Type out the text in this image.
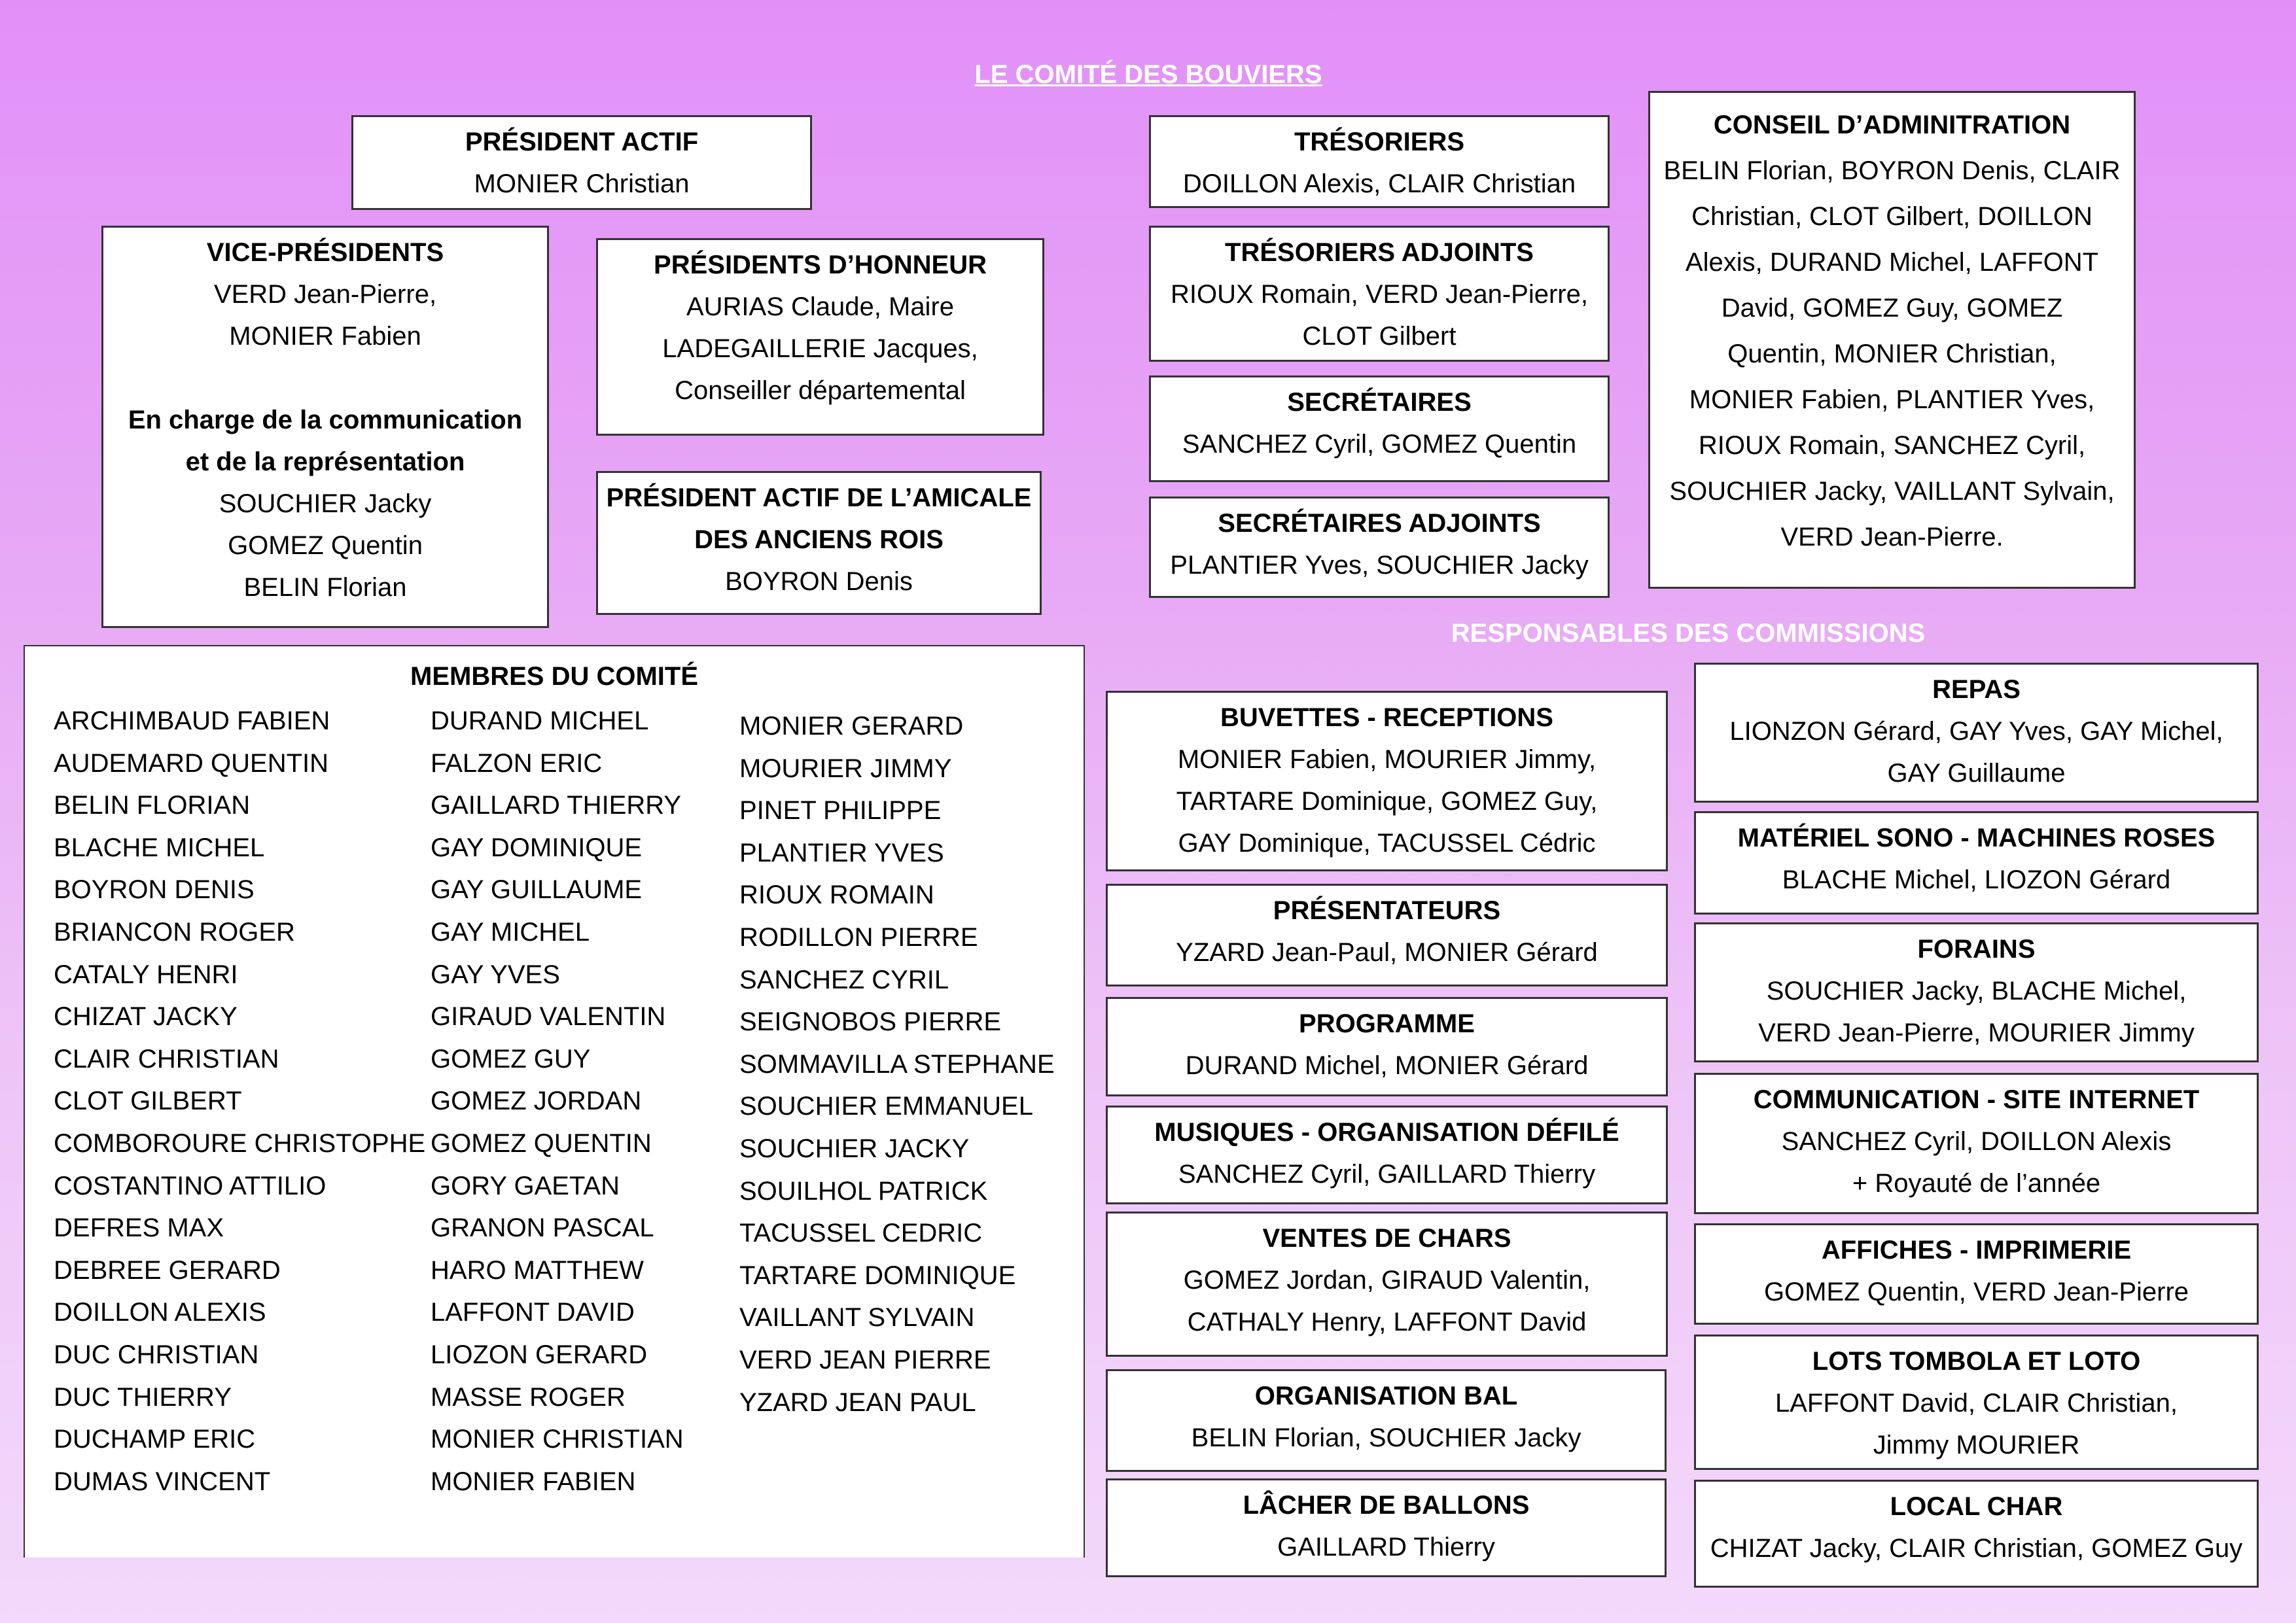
LE COMITÉ DES BOUVIERS
RESPONSABLES DES COMMISSIONS
PRÉSIDENT ACTIF
MONIER Christian
VICE-PRÉSIDENTS
VERD Jean-Pierre,
MONIER Fabien
En charge de la communication
et de la représentation
SOUCHIER Jacky
GOMEZ Quentin
BELIN Florian
PRÉSIDENTS D’HONNEUR
AURIAS Claude, Maire
LADEGAILLERIE Jacques,
Conseiller départemental
PRÉSIDENT ACTIF DE L’AMICALE
DES ANCIENS ROIS
BOYRON Denis
TRÉSORIERS
DOILLON Alexis, CLAIR Christian
TRÉSORIERS ADJOINTS
RIOUX Romain, VERD Jean-Pierre,
CLOT Gilbert
SECRÉTAIRES
SANCHEZ Cyril, GOMEZ Quentin
SECRÉTAIRES ADJOINTS
PLANTIER Yves, SOUCHIER Jacky
CONSEIL D’ADMINITRATION
BELIN Florian, BOYRON Denis, CLAIR
Christian, CLOT Gilbert, DOILLON
Alexis, DURAND Michel, LAFFONT
David, GOMEZ Guy, GOMEZ
Quentin, MONIER Christian,
MONIER Fabien, PLANTIER Yves,
RIOUX Romain, SANCHEZ Cyril,
SOUCHIER Jacky, VAILLANT Sylvain,
VERD Jean-Pierre.
MEMBRES DU COMITÉ
ARCHIMBAUD FABIEN
AUDEMARD QUENTIN
BELIN FLORIAN
BLACHE MICHEL
BOYRON DENIS
BRIANCON ROGER
CATALY HENRI
CHIZAT JACKY
CLAIR CHRISTIAN
CLOT GILBERT
COMBOROURE CHRISTOPHE
COSTANTINO ATTILIO
DEFRES MAX
DEBREE GERARD
DOILLON ALEXIS
DUC CHRISTIAN
DUC THIERRY
DUCHAMP ERIC
DUMAS VINCENT
DURAND MICHEL
FALZON ERIC
GAILLARD THIERRY
GAY DOMINIQUE
GAY GUILLAUME
GAY MICHEL
GAY YVES
GIRAUD VALENTIN
GOMEZ GUY
GOMEZ JORDAN
GOMEZ QUENTIN
GORY GAETAN
GRANON PASCAL
HARO MATTHEW
LAFFONT DAVID
LIOZON GERARD
MASSE ROGER
MONIER CHRISTIAN
MONIER FABIEN
MONIER GERARD
MOURIER JIMMY
PINET PHILIPPE
PLANTIER YVES
RIOUX ROMAIN
RODILLON PIERRE
SANCHEZ CYRIL
SEIGNOBOS PIERRE
SOMMAVILLA STEPHANE
SOUCHIER EMMANUEL
SOUCHIER JACKY
SOUILHOL PATRICK
TACUSSEL CEDRIC
TARTARE DOMINIQUE
VAILLANT SYLVAIN
VERD JEAN PIERRE
YZARD JEAN PAUL
BUVETTES - RECEPTIONS
MONIER Fabien, MOURIER Jimmy,
TARTARE Dominique, GOMEZ Guy,
GAY Dominique, TACUSSEL Cédric
PRÉSENTATEURS
YZARD Jean-Paul, MONIER Gérard
PROGRAMME
DURAND Michel, MONIER Gérard
MUSIQUES - ORGANISATION DÉFILÉ
SANCHEZ Cyril, GAILLARD Thierry
VENTES DE CHARS
GOMEZ Jordan, GIRAUD Valentin,
CATHALY Henry, LAFFONT David
ORGANISATION BAL
BELIN Florian, SOUCHIER Jacky
LÂCHER DE BALLONS
GAILLARD Thierry
REPAS
LIONZON Gérard, GAY Yves, GAY Michel,
GAY Guillaume
MATÉRIEL SONO - MACHINES ROSES
BLACHE Michel, LIOZON Gérard
FORAINS
SOUCHIER Jacky, BLACHE Michel,
VERD Jean-Pierre, MOURIER Jimmy
COMMUNICATION - SITE INTERNET
SANCHEZ Cyril, DOILLON Alexis
+ Royauté de l’année
AFFICHES - IMPRIMERIE
GOMEZ Quentin, VERD Jean-Pierre
LOTS TOMBOLA ET LOTO
LAFFONT David, CLAIR Christian,
Jimmy MOURIER
LOCAL CHAR
CHIZAT Jacky, CLAIR Christian, GOMEZ Guy
